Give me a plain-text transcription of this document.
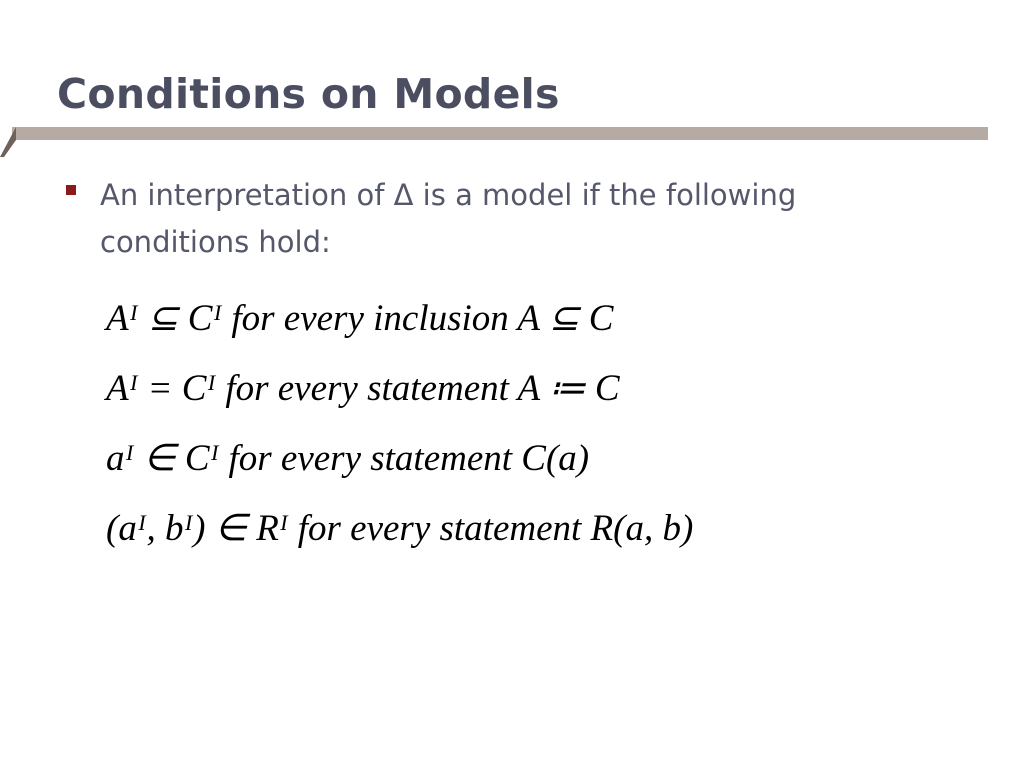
Conditions on Models

An interpretation of Δ is a model if the following conditions hold:

Aᴵ ⊆ Cᴵ for every inclusion A ⊆ C
Aᴵ = Cᴵ for every statement A ≔ C
aᴵ ∈ Cᴵ for every statement C(a)
(aᴵ, bᴵ) ∈ Rᴵ for every statement R(a, b)
